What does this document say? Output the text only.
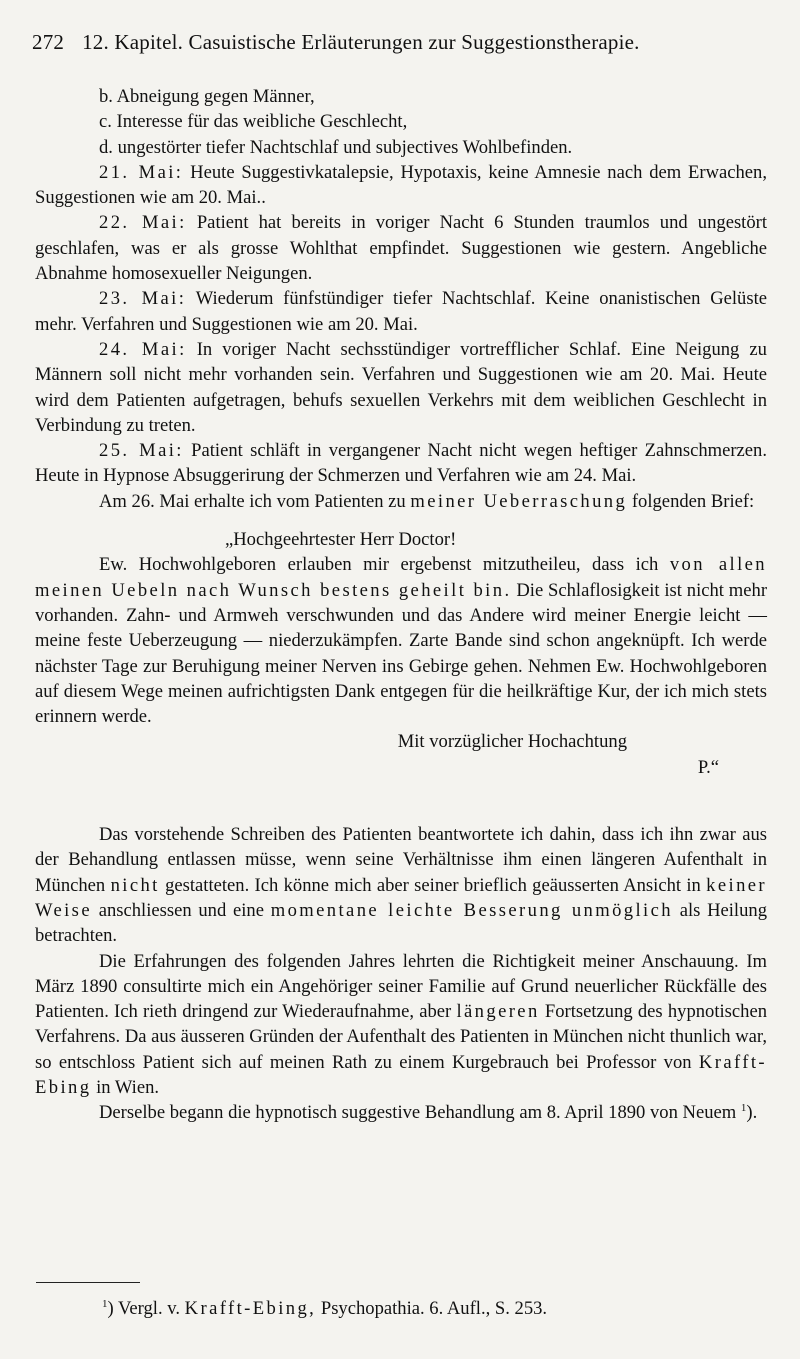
272 12. Kapitel. Casuistische Erläuterungen zur Suggestionstherapie.

b. Abneigung gegen Männer,

c. Interesse für das weibliche Geschlecht,

d. ungestörter tiefer Nachtschlaf und subjectives Wohlbefinden.

21. Mai: Heute Suggestivkatalepsie, Hypotaxis, keine Amnesie nach dem Erwachen, Suggestionen wie am 20. Mai..

22. Mai: Patient hat bereits in voriger Nacht 6 Stunden traumlos und ungestört geschlafen, was er als grosse Wohlthat empfindet. Suggestionen wie gestern. Angebliche Abnahme homosexueller Neigungen.

23. Mai: Wiederum fünfstündiger tiefer Nachtschlaf. Keine onanistischen Gelüste mehr. Verfahren und Suggestionen wie am 20. Mai.

24. Mai: In voriger Nacht sechsstündiger vortrefflicher Schlaf. Eine Neigung zu Männern soll nicht mehr vorhanden sein. Verfahren und Suggestionen wie am 20. Mai. Heute wird dem Patienten aufgetragen, behufs sexuellen Verkehrs mit dem weiblichen Geschlecht in Verbindung zu treten.

25. Mai: Patient schläft in vergangener Nacht nicht wegen heftiger Zahnschmerzen. Heute in Hypnose Absuggerirung der Schmerzen und Verfahren wie am 24. Mai.

Am 26. Mai erhalte ich vom Patienten zu meiner Ueberraschung folgenden Brief:

„Hochgeehrtester Herr Doctor!

Ew. Hochwohlgeboren erlauben mir ergebenst mitzutheileu, dass ich von allen meinen Uebeln nach Wunsch bestens geheilt bin. Die Schlaflosigkeit ist nicht mehr vorhanden. Zahn- und Armweh verschwunden und das Andere wird meiner Energie leicht — meine feste Ueberzeugung — niederzukämpfen. Zarte Bande sind schon angeknüpft. Ich werde nächster Tage zur Beruhigung meiner Nerven ins Gebirge gehen. Nehmen Ew. Hochwohlgeboren auf diesem Wege meinen aufrichtigsten Dank entgegen für die heilkräftige Kur, der ich mich stets erinnern werde.

Mit vorzüglicher Hochachtung

P.“

Das vorstehende Schreiben des Patienten beantwortete ich dahin, dass ich ihn zwar aus der Behandlung entlassen müsse, wenn seine Verhältnisse ihm einen längeren Aufenthalt in München nicht gestatteten. Ich könne mich aber seiner brieflich geäusserten Ansicht in keiner Weise anschliessen und eine momentane leichte Besserung unmöglich als Heilung betrachten.

Die Erfahrungen des folgenden Jahres lehrten die Richtigkeit meiner Anschauung. Im März 1890 consultirte mich ein Angehöriger seiner Familie auf Grund neuerlicher Rückfälle des Patienten. Ich rieth dringend zur Wiederaufnahme, aber längeren Fortsetzung des hypnotischen Verfahrens. Da aus äusseren Gründen der Aufenthalt des Patienten in München nicht thunlich war, so entschloss Patient sich auf meinen Rath zu einem Kurgebrauch bei Professor von Krafft-Ebing in Wien.

Derselbe begann die hypnotisch suggestive Behandlung am 8. April 1890 von Neuem $^1$).

$^1$) Vergl. v. Krafft-Ebing, Psychopathia. 6. Aufl., S. 253.
